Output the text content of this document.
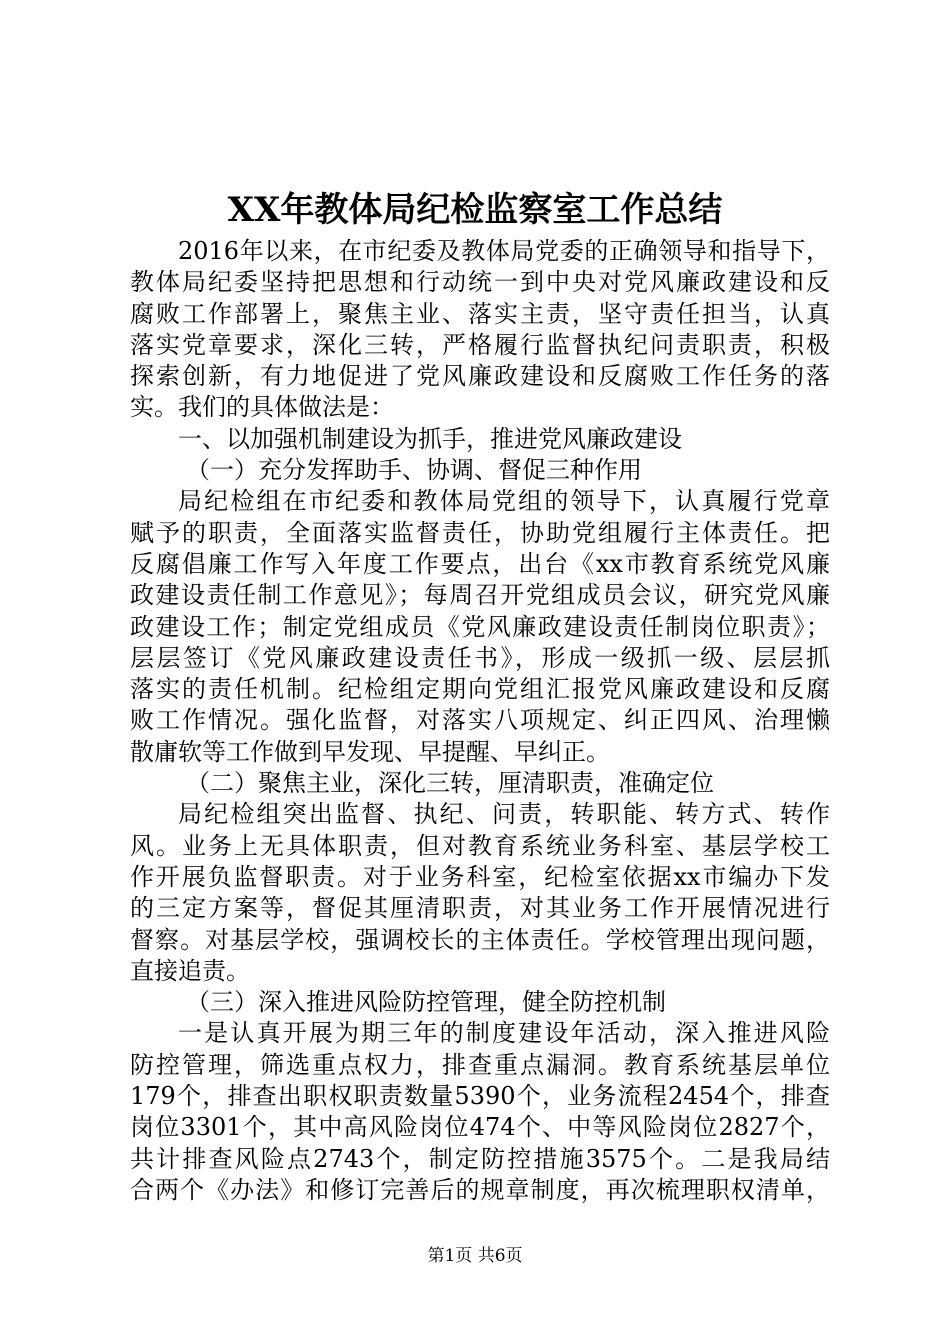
XX年教体局纪检监察室工作总结
2016年以来，在市纪委及教体局党委的正确领导和指导下，
教体局纪委坚持把思想和行动统一到中央对党风廉政建设和反
腐败工作部署上，聚焦主业、落实主责，坚守责任担当，认真
落实党章要求，深化三转，严格履行监督执纪问责职责，积极
探索创新，有力地促进了党风廉政建设和反腐败工作任务的落
实。我们的具体做法是：
一、以加强机制建设为抓手，推进党风廉政建设
（一）充分发挥助手、协调、督促三种作用
局纪检组在市纪委和教体局党组的领导下，认真履行党章
赋予的职责，全面落实监督责任，协助党组履行主体责任。把
反腐倡廉工作写入年度工作要点，出台《xx市教育系统党风廉
政建设责任制工作意见》；每周召开党组成员会议，研究党风廉
政建设工作；制定党组成员《党风廉政建设责任制岗位职责》；
层层签订《党风廉政建设责任书》，形成一级抓一级、层层抓
落实的责任机制。纪检组定期向党组汇报党风廉政建设和反腐
败工作情况。强化监督，对落实八项规定、纠正四风、治理懒
散庸软等工作做到早发现、早提醒、早纠正。
（二）聚焦主业，深化三转，厘清职责，准确定位
局纪检组突出监督、执纪、问责，转职能、转方式、转作
风。业务上无具体职责，但对教育系统业务科室、基层学校工
作开展负监督职责。对于业务科室，纪检室依据xx市编办下发
的三定方案等，督促其厘清职责，对其业务工作开展情况进行
督察。对基层学校，强调校长的主体责任。学校管理出现问题，
直接追责。
（三）深入推进风险防控管理，健全防控机制
一是认真开展为期三年的制度建设年活动，深入推进风险
防控管理，筛选重点权力，排查重点漏洞。教育系统基层单位
179个，排查出职权职责数量5390个，业务流程2454个，排查
岗位3301个，其中高风险岗位474个、中等风险岗位2827个，
共计排查风险点2743个，制定防控措施3575个。二是我局结
合两个《办法》和修订完善后的规章制度，再次梳理职权清单，
第1页 共6页
